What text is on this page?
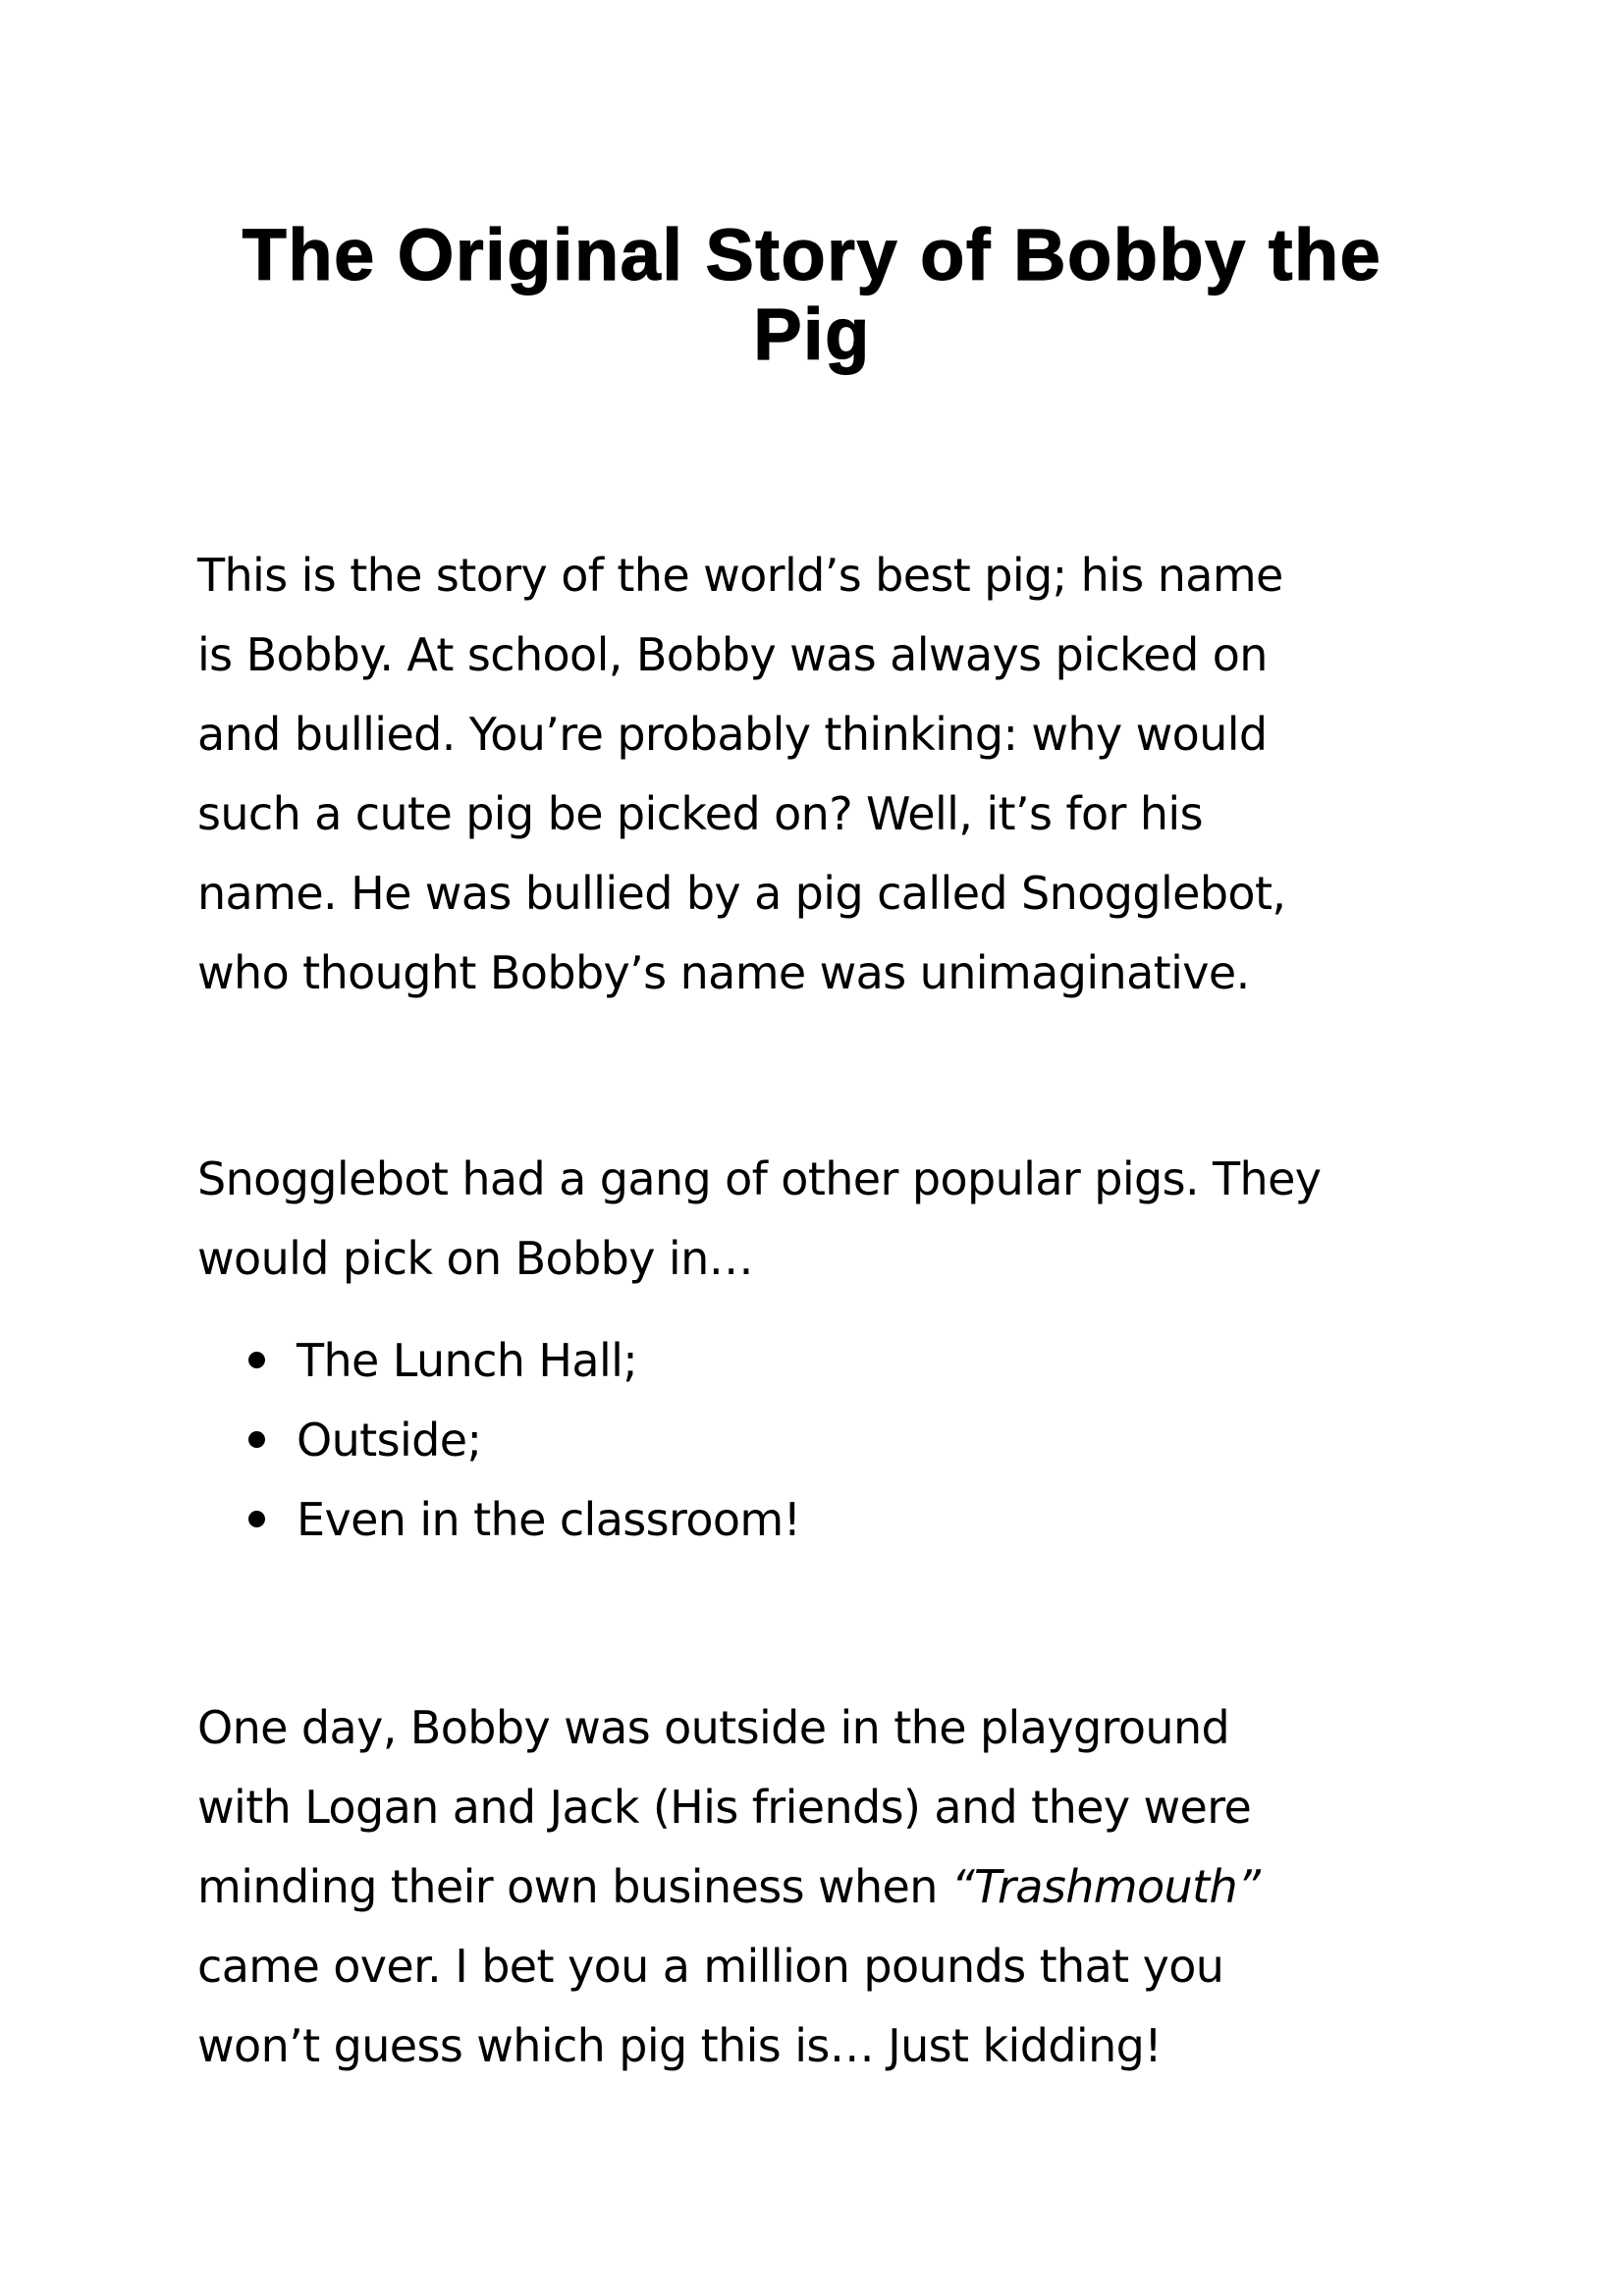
The Original Story of Bobby the
Pig

This is the story of the world’s best pig; his name
is Bobby. At school, Bobby was always picked on
and bullied. You’re probably thinking: why would
such a cute pig be picked on? Well, it’s for his
name. He was bullied by a pig called Snogglebot,
who thought Bobby’s name was unimaginative.

Snogglebot had a gang of other popular pigs. They
would pick on Bobby in…

The Lunch Hall;
Outside;
Even in the classroom!

One day, Bobby was outside in the playground
with Logan and Jack (His friends) and they were
minding their own business when “Trashmouth”
came over. I bet you a million pounds that you
won’t guess which pig this is… Just kidding!
